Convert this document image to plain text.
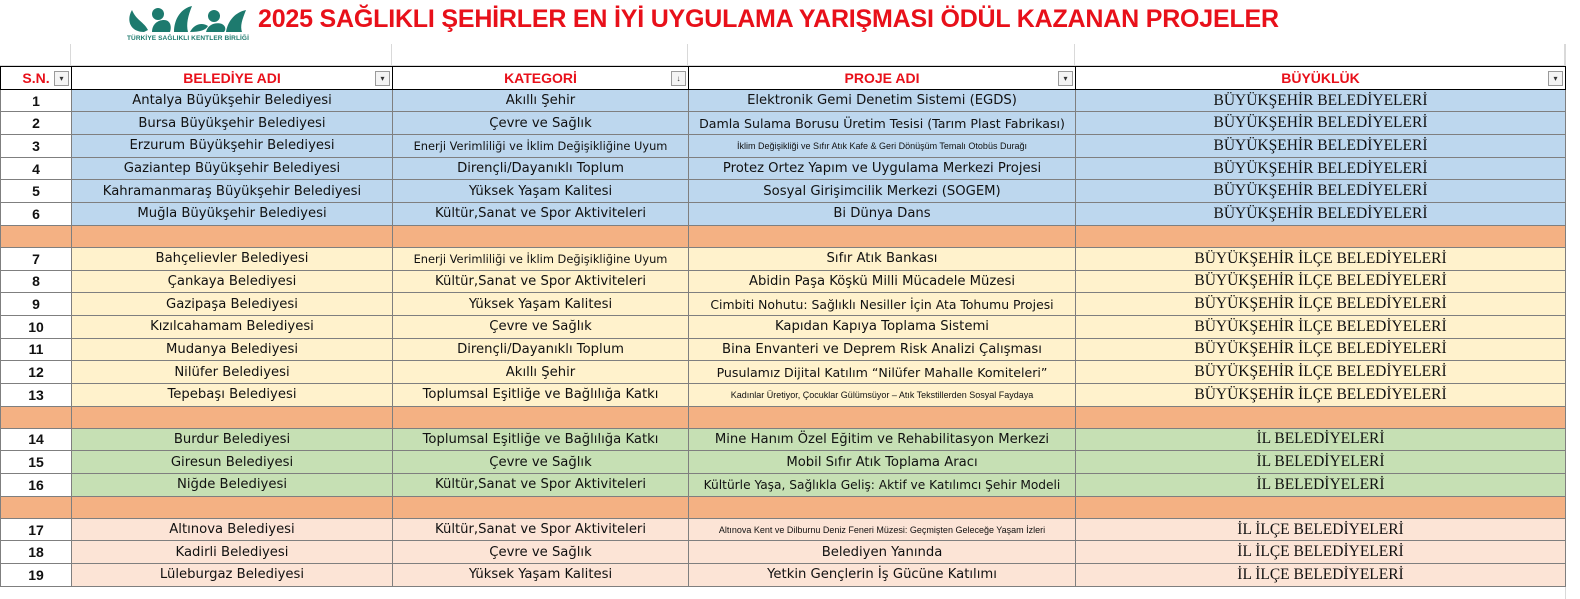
TÜRKİYE SAĞLIKLI KENTLER BİRLİĞİ
2025 SAĞLIKLI ŞEHİRLER EN İYİ UYGULAMA YARIŞMASI ÖDÜL KAZANAN PROJELER
S.N. ▾	BELEDİYE ADI ▾	KATEGORİ ↓	PROJE ADI ▾	BÜYÜKLÜK ▾

1	Antalya Büyükşehir Belediyesi	Akıllı Şehir	Elektronik Gemi Denetim Sistemi (EGDS)	BÜYÜKŞEHİR BELEDİYELERİ
2	Bursa Büyükşehir Belediyesi	Çevre ve Sağlık	Damla Sulama Borusu Üretim Tesisi (Tarım Plast Fabrikası)	BÜYÜKŞEHİR BELEDİYELERİ
3	Erzurum Büyükşehir Belediyesi	Enerji Verimliliği ve İklim Değişikliğine Uyum	İklim Değişikliği ve Sıfır Atık Kafe & Geri Dönüşüm Temalı Otobüs Durağı	BÜYÜKŞEHİR BELEDİYELERİ
4	Gaziantep Büyükşehir Belediyesi	Dirençli/Dayanıklı Toplum	Protez Ortez Yapım ve Uygulama Merkezi Projesi	BÜYÜKŞEHİR BELEDİYELERİ
5	Kahramanmaraş Büyükşehir Belediyesi	Yüksek Yaşam Kalitesi	Sosyal Girişimcilik Merkezi (SOGEM)	BÜYÜKŞEHİR BELEDİYELERİ
6	Muğla Büyükşehir Belediyesi	Kültür,Sanat ve Spor Aktiviteleri	Bi Dünya Dans	BÜYÜKŞEHİR BELEDİYELERİ

7	Bahçelievler Belediyesi	Enerji Verimliliği ve İklim Değişikliğine Uyum	Sıfır Atık Bankası	BÜYÜKŞEHİR İLÇE BELEDİYELERİ
8	Çankaya Belediyesi	Kültür,Sanat ve Spor Aktiviteleri	Abidin Paşa Köşkü Milli Mücadele Müzesi	BÜYÜKŞEHİR İLÇE BELEDİYELERİ
9	Gazipaşa Belediyesi	Yüksek Yaşam Kalitesi	Cimbiti Nohutu: Sağlıklı Nesiller İçin Ata Tohumu Projesi	BÜYÜKŞEHİR İLÇE BELEDİYELERİ
10	Kızılcahamam Belediyesi	Çevre ve Sağlık	Kapıdan Kapıya Toplama Sistemi	BÜYÜKŞEHİR İLÇE BELEDİYELERİ
11	Mudanya Belediyesi	Dirençli/Dayanıklı Toplum	Bina Envanteri ve Deprem Risk Analizi Çalışması	BÜYÜKŞEHİR İLÇE BELEDİYELERİ
12	Nilüfer Belediyesi	Akıllı Şehir	Pusulamız Dijital Katılım “Nilüfer Mahalle Komiteleri”	BÜYÜKŞEHİR İLÇE BELEDİYELERİ
13	Tepebaşı Belediyesi	Toplumsal Eşitliğe ve Bağlılığa Katkı	Kadınlar Üretiyor, Çocuklar Gülümsüyor – Atık Tekstillerden Sosyal Faydaya	BÜYÜKŞEHİR İLÇE BELEDİYELERİ

14	Burdur Belediyesi	Toplumsal Eşitliğe ve Bağlılığa Katkı	Mine Hanım Özel Eğitim ve Rehabilitasyon Merkezi	İL BELEDİYELERİ
15	Giresun Belediyesi	Çevre ve Sağlık	Mobil Sıfır Atık Toplama Aracı	İL BELEDİYELERİ
16	Niğde Belediyesi	Kültür,Sanat ve Spor Aktiviteleri	Kültürle Yaşa, Sağlıkla Geliş: Aktif ve Katılımcı Şehir Modeli	İL BELEDİYELERİ

17	Altınova Belediyesi	Kültür,Sanat ve Spor Aktiviteleri	Altınova Kent ve Dilburnu Deniz Feneri Müzesi: Geçmişten Geleceğe Yaşam İzleri	İL İLÇE BELEDİYELERİ
18	Kadirli Belediyesi	Çevre ve Sağlık	Belediyen Yanında	İL İLÇE BELEDİYELERİ
19	Lüleburgaz Belediyesi	Yüksek Yaşam Kalitesi	Yetkin Gençlerin İş Gücüne Katılımı	İL İLÇE BELEDİYELERİ
